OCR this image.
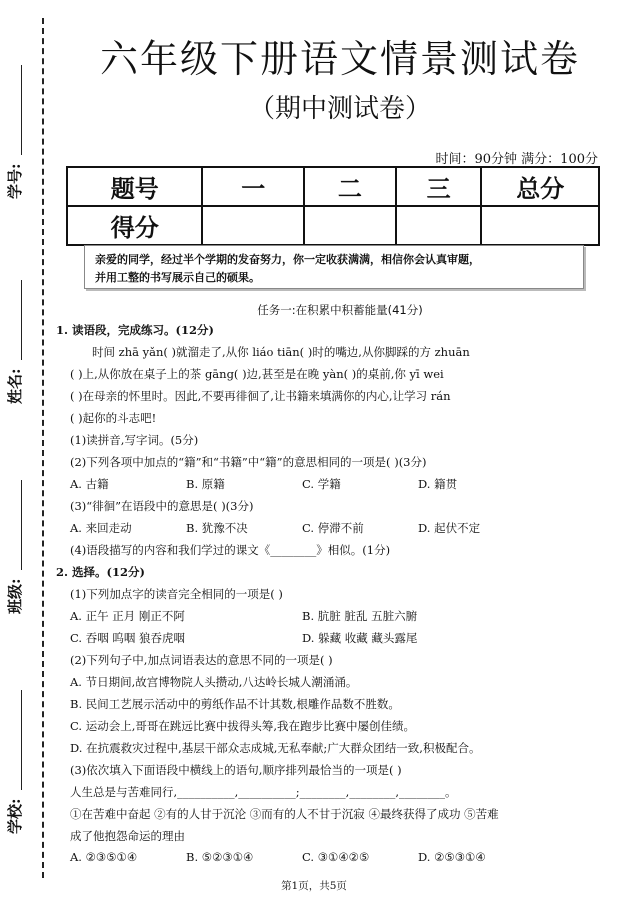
学号:
姓名:
班级:
学校:
六年级下册语文情景测试卷
（期中测试卷）
时间：90分钟 满分：100分
题号	一	二	三	总分
得分				
亲爱的同学，经过半个学期的发奋努力，你一定收获满满，相信你会认真审题，
并用工整的书写展示自己的硕果。
任务一:在积累中积蓄能量(41分)
1. 读语段，完成练习。(12分)
时间 zhā yǎn( )就溜走了,从你 liáo tiān( )时的嘴边,从你脚踩的方 zhuān
( )上,从你放在桌子上的茶 gāng( )边,甚至是在晚 yàn( )的桌前,你 yī wei
( )在母亲的怀里时。因此,不要再徘徊了,让书籍来填满你的内心,让学习 rán
( )起你的斗志吧!
(1)读拼音,写字词。(5分)
(2)下列各项中加点的“籍”和“书籍”中“籍”的意思相同的一项是( )(3分)
A. 古籍	B. 原籍	C. 学籍	D. 籍贯
(3)“徘徊”在语段中的意思是( )(3分)
A. 来回走动	B. 犹豫不决	C. 停滞不前	D. 起伏不定
(4)语段描写的内容和我们学过的课文《________》相似。(1分)
2. 选择。(12分)
(1)下列加点字的读音完全相同的一项是( )
A. 正午 正月 刚正不阿	B. 肮脏 脏乱 五脏六腑
C. 吞咽 呜咽 狼吞虎咽	D. 躲藏 收藏 藏头露尾
(2)下列句子中,加点词语表达的意思不同的一项是( )
A. 节日期间,故宫博物院人头攒动,八达岭长城人潮涌涌。
B. 民间工艺展示活动中的剪纸作品不计其数,根雕作品数不胜数。
C. 运动会上,哥哥在跳远比赛中拔得头筹,我在跑步比赛中屡创佳绩。
D. 在抗震救灾过程中,基层干部众志成城,无私奉献;广大群众团结一致,积极配合。
(3)依次填入下面语段中横线上的语句,顺序排列最恰当的一项是( )
人生总是与苦难同行,__________,__________;________,________,________。
①在苦难中奋起 ②有的人甘于沉沦 ③而有的人不甘于沉寂 ④最终获得了成功 ⑤苦难
成了他抱怨命运的理由
A. ②③⑤①④	B. ⑤②③①④	C. ③①④②⑤	D. ②⑤③①④
第1页，共5页
